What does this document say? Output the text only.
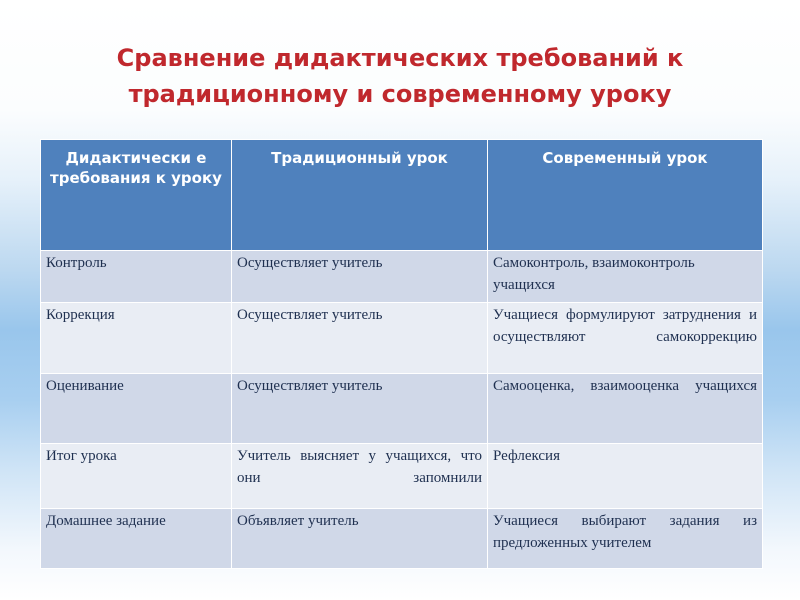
Сравнение дидактических требований к
традиционному и современному уроку
Дидактически е требования к уроку	Традиционный урок	Современный урок

Контроль	Осуществляет учитель	Самоконтроль, взаимоконтроль учащихся

Коррекция	Осуществляет учитель	Учащиеся формулируют затруднения и осуществляют самокоррекцию

Оценивание	Осуществляет учитель	Самооценка, взаимооценка учащихся

Итог урока	Учитель выясняет у учащихся, что они запомнили	Рефлексия

Домашнее задание	Объявляет учитель	Учащиеся выбирают задания из предложенных учителем
